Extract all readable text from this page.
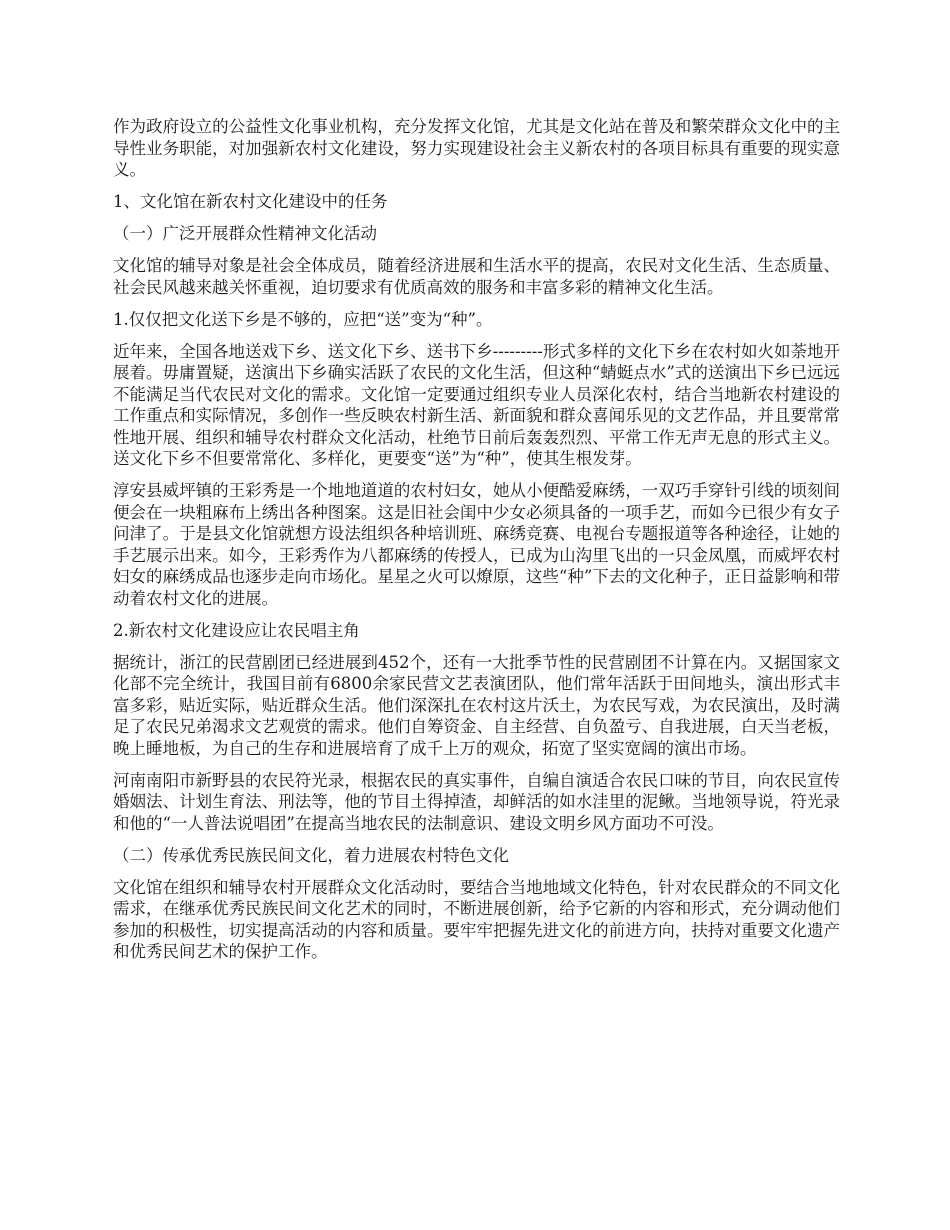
作为政府设立的公益性文化事业机构，充分发挥文化馆，尤其是文化站在普及和繁荣群众文化中的主导性业务职能，对加强新农村文化建设，努力实现建设社会主义新农村的各项目标具有重要的现实意义。

1、文化馆在新农村文化建设中的任务

（一）广泛开展群众性精神文化活动

文化馆的辅导对象是社会全体成员，随着经济进展和生活水平的提高，农民对文化生活、生态质量、社会民风越来越关怀重视，迫切要求有优质高效的服务和丰富多彩的精神文化生活。

1.仅仅把文化送下乡是不够的，应把“送”变为“种”。

近年来，全国各地送戏下乡、送文化下乡、送书下乡---------形式多样的文化下乡在农村如火如荼地开展着。毋庸置疑，送演出下乡确实活跃了农民的文化生活，但这种“蜻蜓点水”式的送演出下乡已远远不能满足当代农民对文化的需求。文化馆一定要通过组织专业人员深化农村，结合当地新农村建设的工作重点和实际情况，多创作一些反映农村新生活、新面貌和群众喜闻乐见的文艺作品，并且要常常性地开展、组织和辅导农村群众文化活动，杜绝节日前后轰轰烈烈、平常工作无声无息的形式主义。送文化下乡不但要常常化、多样化，更要变“送”为“种”，使其生根发芽。

淳安县威坪镇的王彩秀是一个地地道道的农村妇女，她从小便酷爱麻绣，一双巧手穿针引线的顷刻间便会在一块粗麻布上绣出各种图案。这是旧社会闺中少女必须具备的一项手艺，而如今已很少有女子问津了。于是县文化馆就想方设法组织各种培训班、麻绣竞赛、电视台专题报道等各种途径，让她的手艺展示出来。如今，王彩秀作为八都麻绣的传授人，已成为山沟里飞出的一只金凤凰，而威坪农村妇女的麻绣成品也逐步走向市场化。星星之火可以燎原，这些“种”下去的文化种子，正日益影响和带动着农村文化的进展。

2.新农村文化建设应让农民唱主角

据统计，浙江的民营剧团已经进展到452个，还有一大批季节性的民营剧团不计算在内。又据国家文化部不完全统计，我国目前有6800余家民营文艺表演团队，他们常年活跃于田间地头，演出形式丰富多彩，贴近实际，贴近群众生活。他们深深扎在农村这片沃土，为农民写戏，为农民演出，及时满足了农民兄弟渴求文艺观赏的需求。他们自筹资金、自主经营、自负盈亏、自我进展，白天当老板，晚上睡地板，为自己的生存和进展培育了成千上万的观众，拓宽了坚实宽阔的演出市场。

河南南阳市新野县的农民符光录，根据农民的真实事件，自编自演适合农民口味的节目，向农民宣传婚姻法、计划生育法、刑法等，他的节目土得掉渣，却鲜活的如水洼里的泥鳅。当地领导说，符光录和他的“一人普法说唱团”在提高当地农民的法制意识、建设文明乡风方面功不可没。

（二）传承优秀民族民间文化，着力进展农村特色文化

文化馆在组织和辅导农村开展群众文化活动时，要结合当地地域文化特色，针对农民群众的不同文化需求，在继承优秀民族民间文化艺术的同时，不断进展创新，给予它新的内容和形式，充分调动他们参加的积极性，切实提高活动的内容和质量。要牢牢把握先进文化的前进方向，扶持对重要文化遗产和优秀民间艺术的保护工作。
